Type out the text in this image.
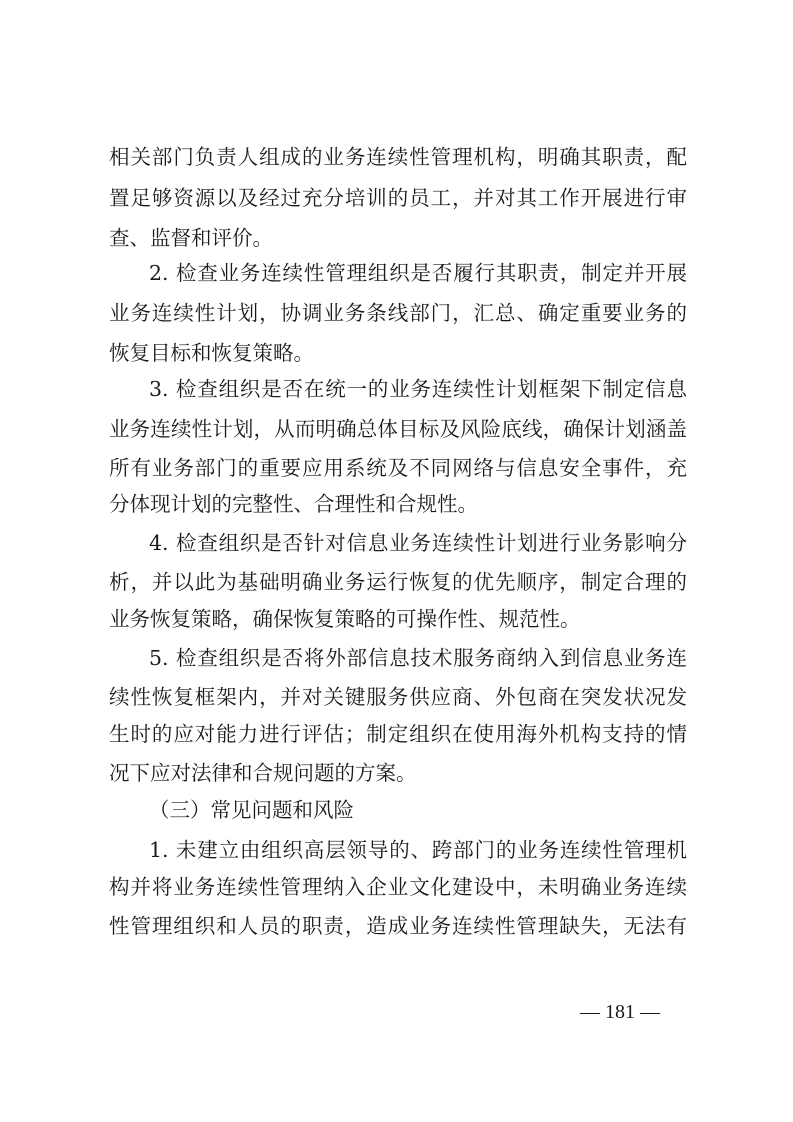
相关部门负责人组成的业务连续性管理机构，明确其职责，配
置足够资源以及经过充分培训的员工，并对其工作开展进行审
查、监督和评价。
2. 检查业务连续性管理组织是否履行其职责，制定并开展
业务连续性计划，协调业务条线部门，汇总、确定重要业务的
恢复目标和恢复策略。
3. 检查组织是否在统一的业务连续性计划框架下制定信息
业务连续性计划，从而明确总体目标及风险底线，确保计划涵盖
所有业务部门的重要应用系统及不同网络与信息安全事件，充
分体现计划的完整性、合理性和合规性。
4. 检查组织是否针对信息业务连续性计划进行业务影响分
析，并以此为基础明确业务运行恢复的优先顺序，制定合理的
业务恢复策略，确保恢复策略的可操作性、规范性。
5. 检查组织是否将外部信息技术服务商纳入到信息业务连
续性恢复框架内，并对关键服务供应商、外包商在突发状况发
生时的应对能力进行评估；制定组织在使用海外机构支持的情
况下应对法律和合规问题的方案。
（三）常见问题和风险
1. 未建立由组织高层领导的、跨部门的业务连续性管理机
构并将业务连续性管理纳入企业文化建设中，未明确业务连续
性管理组织和人员的职责，造成业务连续性管理缺失，无法有
— 181 —
